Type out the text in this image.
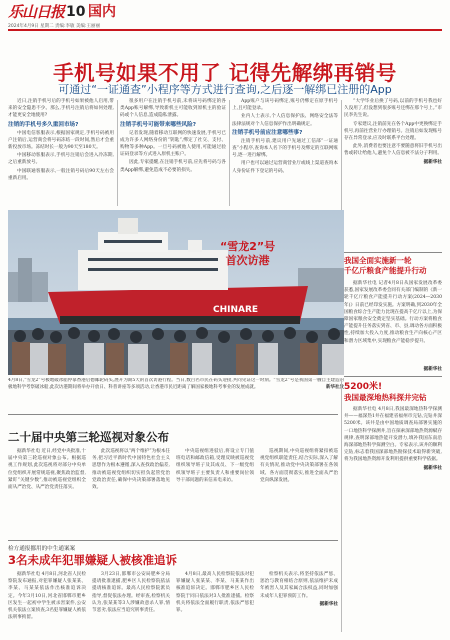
乐山日报 10 国内
2024年4月9日 星期二 责编:李敏 美编:王丽丽
手机号如果不用了 记得先解绑再销号
可通过“一证通查”小程序等方式进行查询,之后逐一解绑已注册的App

近日,注销手机号后的手机号如果被他人启用,带来的安全隐患不少。那么,手机号注销后将如何处理,才能更安全地使用?

注销的手机号多久重回市场?

中国电信客服表示,根据国家规定,手机号码被用户注销后,运营商会将号码冻结一段时间,然后才会重新投放市场。冻结时长一般为90天至180天。

中国移动客服表示,手机号注销后会进入冷冻期,之后重新放号。

中国联通客服表示,一般注销号码后90天左右会重新启用。

很多用户在注销手机号前,未将该号码绑定的各类App账号解绑,导致新机主可能收到原机主的验证码或个人信息,造成隐私泄露。

注销手机号可能带来哪些风险?

记者发现,随着移动互联网的快速发展,手机号已成为许多人网络身份的“钥匙”,绑定了社交、支付、购物等多种App。一旦号码被他人使用,可能通过验证码登录等方式进入原机主账户。

因此,专家提醒,在注销手机号前,应先将号码与各类App解绑,避免造成不必要的损失。

App账户与该号码绑定,账号仍绑定在原手机号上,且可能登录。

业内人士表示,个人信息保护法、网络安全法等法律法规对个人信息保护作出明确规定。

注销手机号前应注意哪些事?

注销手机号前,建议用户先通过工信部“一证通查”小程序,查询本人名下的手机号及绑定的互联网账号,逐一进行解绑。

用户也可以通过运营商营业厅或线上渠道查询本人身份证件下登记的号码。

“大学毕业后换了号码,以前的手机号我也好久没用了,但没想到很多账号还绑在那个号上。”市民李先生说。

专家建议,注销前先在各个App中更换绑定手机号,再前往营业厅办理销号。注销后如发现账号存在异常登录,应及时联系平台处理。

此外,消费者也要注意不要随意将旧手机号出售或转让给他人,避免个人信息被不法分子利用。

据新华社
CHINARE
“雪龙2”号
首次访港
4月8日,“雪龙2”号极地破冰船停靠香港启德邮轮码头,展开为期5天的首次访港行程。当日,数百名市民在码头迎接,共同见证这一时刻。“雪龙2”号是我国第一艘自主建造的极地科学考察破冰船,此次访港期间将举办开放日、科普讲座等多项活动,让香港市民近距离了解国家极地科考事业的发展成就。	新华社发
我国全面实施新一轮
千亿斤粮食产能提升行动

据新华社电 记者4月8日从国家发展改革委获悉,国家发展改革委会同有关部门编制的《新一轮千亿斤粮食产能提升行动方案(2024—2030年)》日前已经印发实施。方案明确,到2030年全国粮食综合生产能力比现在提高千亿斤以上,为保障国家粮食安全奠定坚实基础。行动方案将粮食产能提升任务落实到省、市、县,调动各方面积极性,持续加大投入力度,推动粮食生产向核心产区和潜力区域集中,实现粮食产能稳步提升。

据新华社
5200米!
我国最深地热科探井完钻

据新华社电 4月8日,我国最深地热科学探测井——福深热1井在福建省福州市完钻,完钻井深5200米。该井是由中国地质调查局部署实施的一口地热科学探测井,旨在探索深部地热资源赋存规律,查明深部地热能开发潜力,填补我国东南沿海深部地热科学探测空白。专家表示,该井的顺利完钻,标志着我国深部地热勘探技术取得新突破,将为我国地热资源开发利用提供重要科学依据。

据新华社
二十届中央第三轮巡视对象公布

据新华社电 近日,经党中央批准,十届中央第三轮巡视对象公布。根据巡视工作规划,此次巡视将对部分中央单位党组织开展常规巡视,聚焦政治监督,紧盯“关键少数”,推动被巡视党组织全面从严治党、从严治党责任落实。

此次巡视将以“两个维护”为根本任务,把习近平新时代中国特色社会主义思想作为根本遵循,深入查找政治偏差,推动被巡视党组织切实担负起管党治党政治责任,确保中央决策部署落地见效。

中央巡视组进驳后,将设立专门值班电话和邮政信箱,受理反映被巡视党组织领导班子及其成员、下一级党组织领导班子主要负责人和重要岗位领导干部问题的来信来电来访。

巡视期间,中央巡视组将紧扣被巡视党组织职能责任,结合实际,深入了解有关情况,推动党中央决策部署在各领域、各方面贯彻落实,推进全面从严治党向纵深发展。

检方通报挪用的中生通案案
3名未成年犯罪嫌疑人被核准追诉

据新华社电 4月8日,河北省人民检察院发布通报,对犯罪嫌疑人张某某、李某、马某某依法作出核准追诉决定。今年3月10日,河北省邯郸市肥乡区发生一起初中学生被杀害案件,公安机关依法立案侦查,3名犯罪嫌疑人被依法刑事拘留。

3月23日,邯郸市公安局肥乡分局提请批准逮捕,肥乡区人民检察院依法提请核准追诉。最高人民检察院派员指导,督促依法办理。经审查,检察机关认为,张某某等3人涉嫌故意杀人罪,情节恶劣,依法应当追究刑事责任。

4月8日,最高人民检察院依法对犯罪嫌疑人张某某、李某、马某某作出核准追诉决定。邯郸市肥乡区人民检察院于同日依法对3人批准逮捕。检察机关将依法全面履行职责,依法严惩犯罪。

检察机关表示,将坚持依法严惩、惩治与教育相结合原则,依法维护未成年被害人及其家属合法权益,同时加强未成年人犯罪预防工作。

据新华社
